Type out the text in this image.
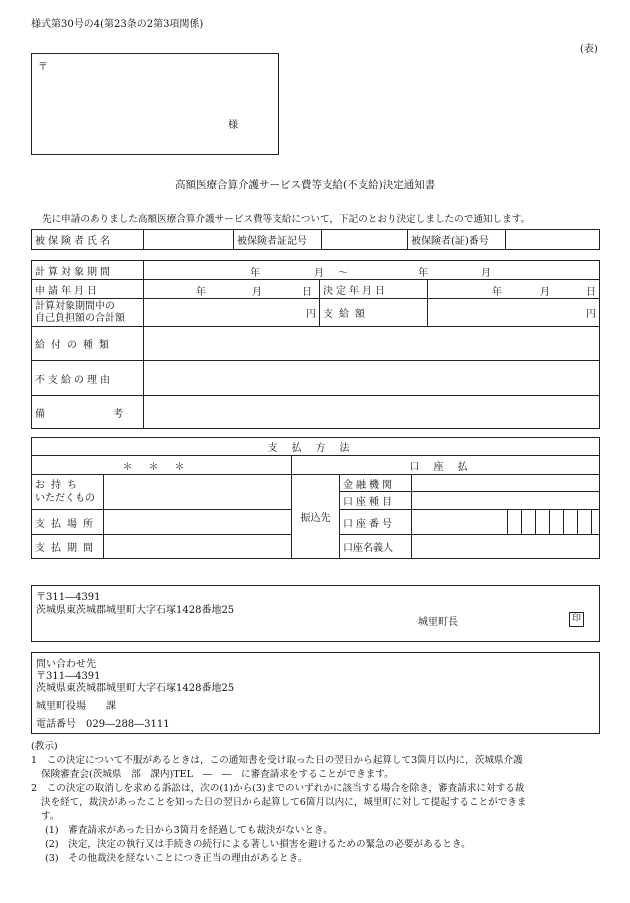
様式第30号の4(第23条の2第3項関係)
(表)
〒
様
高額医療合算介護サービス費等支給(不支給)決定通知書
先に申請のありました高額医療合算介護サービス費等支給について，下記のとおり決定しましたので通知します。
被保険者氏名		被保険者証記号		被保険者(証)番号	
計算対象期間	年 月 ～ 年 月		

申請年月日	年 月 日	決定年月日	年 月 日

計算対象期間中の
自己負担額の合計額	円	支給額	円
給付の種類			
不支給の理由			
備考			
支払方法											
＊＊＊		口座払									

お持ち
いただくもの		振込先	金融機関								
			口座種目								
支払場所			口座番号								
支払期間			口座名義人								
〒311―4391
茨城県東茨城郡城里町大字石塚1428番地25
城里町長	印
問い合わせ先
〒311―4391
茨城県東茨城郡城里町大字石塚1428番地25
城里町役場　　課
電話番号　029―288―3111

(教示)

1　この決定について不服があるときは，この通知書を受け取った日の翌日から起算して3箇月以内に，茨城県介護

保険審査会(茨城県　部　課内)TEL　―　―　に審査請求をすることができます。

2　この決定の取消しを求める訴訟は，次の(1)から(3)までのいずれかに該当する場合を除き，審査請求に対する裁

決を経て，裁決があったことを知った日の翌日から起算して6箇月以内に，城里町に対して提起することができま

す。

(1)　審査請求があった日から3箇月を経過しても裁決がないとき。

(2)　決定，決定の執行又は手続きの続行による著しい損害を避けるための緊急の必要があるとき。

(3)　その他裁決を経ないことにつき正当の理由があるとき。
